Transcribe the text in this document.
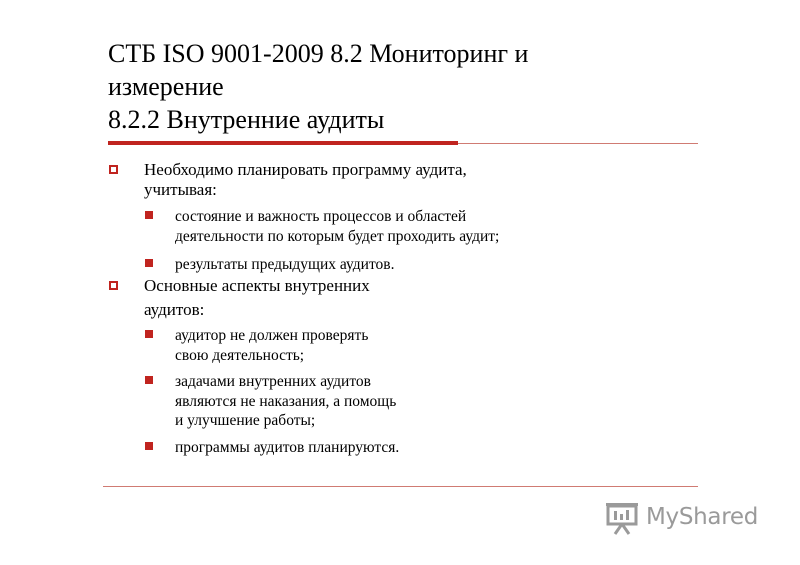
СТБ ISO 9001-2009 8.2 Мониторинг и
измерение
8.2.2 Внутренние аудиты
Необходимо планировать программу аудита,
учитывая:
состояние и важность процессов и областей
деятельности по которым будет проходить аудит;
результаты предыдущих аудитов.
Основные аспекты внутренних
аудитов:
аудитор не должен проверять
свою деятельность;
задачами внутренних аудитов
являются не наказания, а помощь
и улучшение работы;
программы аудитов планируются.
MyShared
